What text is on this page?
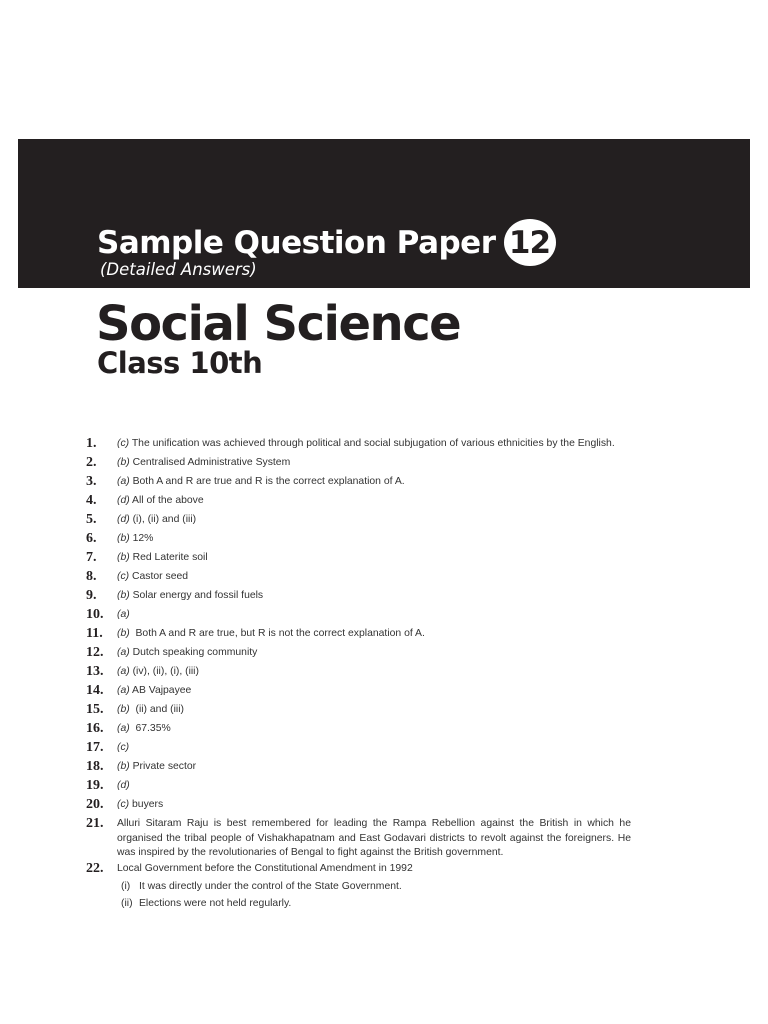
Sample Question Paper 12
(Detailed Answers)
Social Science
Class 10th
1.	(c) The unification was achieved through political and social subjugation of various ethnicities by the English.
2.	(b) Centralised Administrative System
3.	(a) Both A and R are true and R is the correct explanation of A.
4.	(d) All of the above
5.	(d) (i), (ii) and (iii)
6.	(b) 12%
7.	(b) Red Laterite soil
8.	(c) Castor seed
9.	(b) Solar energy and fossil fuels
10.	(a)
11.	(b) Both A and R are true, but R is not the correct explanation of A.
12.	(a) Dutch speaking community
13.	(a) (iv), (ii), (i), (iii)
14.	(a) AB Vajpayee
15.	(b) (ii) and (iii)
16.	(a) 67.35%
17.	(c)
18.	(b) Private sector
19.	(d)
20.	(c) buyers
21.	Alluri Sitaram Raju is best remembered for leading the Rampa Rebellion against the British in which he organised the tribal people of Vishakhapatnam and East Godavari districts to revolt against the foreigners. He was inspired by the revolutionaries of Bengal to fight against the British government.
22.	Local Government before the Constitutional Amendment in 1992
(i) It was directly under the control of the State Government.
(ii) Elections were not held regularly.
